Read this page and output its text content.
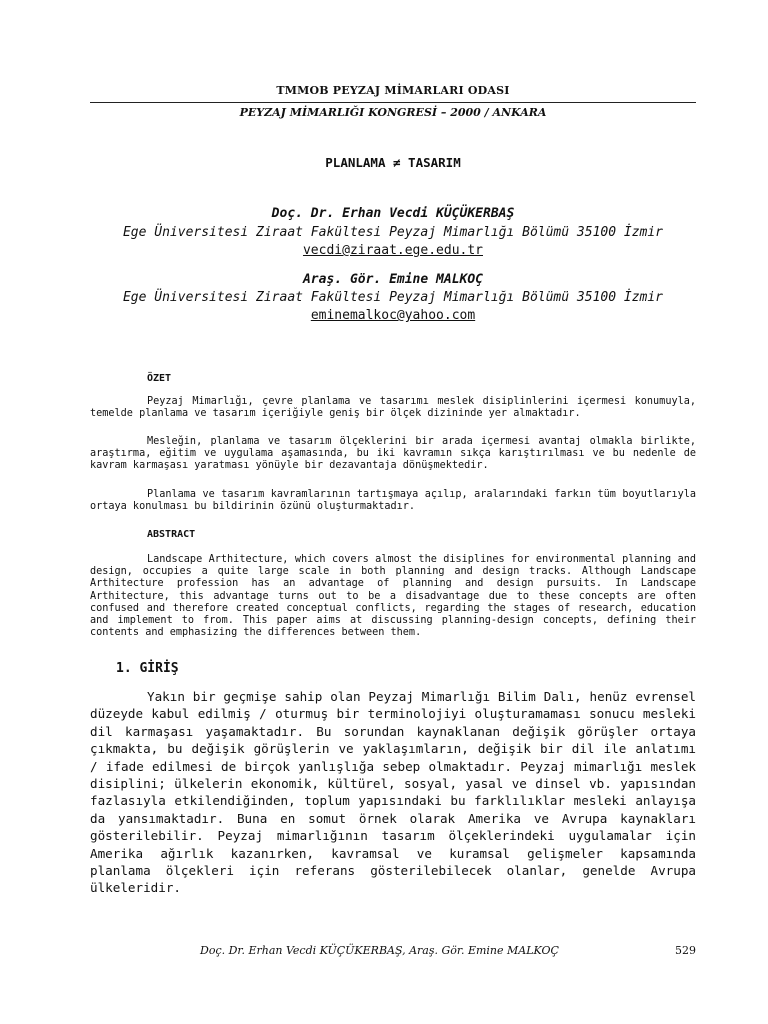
TMMOB PEYZAJ MİMARLARI ODASI
PEYZAJ MİMARLIĞI KONGRESİ – 2000 / ANKARA
PLANLAMA ≠ TASARIM
Doç. Dr. Erhan Vecdi KÜÇÜKERBAŞ
Ege Üniversitesi Ziraat Fakültesi Peyzaj Mimarlığı Bölümü 35100 İzmir
vecdi@ziraat.ege.edu.tr
Araş. Gör. Emine MALKOÇ
Ege Üniversitesi Ziraat Fakültesi Peyzaj Mimarlığı Bölümü 35100 İzmir
eminemalkoc@yahoo.com
ÖZET

Peyzaj Mimarlığı, çevre planlama ve tasarımı meslek disiplinlerini içermesi konumuyla, temelde planlama ve tasarım içeriğiyle geniş bir ölçek dizininde yer almaktadır.

Mesleğin, planlama ve tasarım ölçeklerini bir arada içermesi avantaj olmakla birlikte, araştırma, eğitim ve uygulama aşamasında, bu iki kavramın sıkça karıştırılması ve bu nedenle de kavram karmaşası yaratması yönüyle bir dezavantaja dönüşmektedir.

Planlama ve tasarım kavramlarının tartışmaya açılıp, aralarındaki farkın tüm boyutlarıyla ortaya konulması bu bildirinin özünü oluşturmaktadır.

ABSTRACT

Landscape Arthitecture, which covers almost the disiplines for environmental planning and design, occupies a quite large scale in both planning and design tracks. Although Landscape Arthitecture profession has an advantage of planning and design pursuits. In Landscape Arthitecture, this advantage turns out to be a disadvantage due to these concepts are often confused and therefore created conceptual conflicts, regarding the stages of research, education and implement to from. This paper aims at discussing planning-design concepts, defining their contents and emphasizing the differences between them.

1. GİRİŞ

Yakın bir geçmişe sahip olan Peyzaj Mimarlığı Bilim Dalı, henüz evrensel düzeyde kabul edilmiş / oturmuş bir terminolojiyi oluşturamaması sonucu mesleki dil karmaşası yaşamaktadır. Bu sorundan kaynaklanan değişik görüşler ortaya çıkmakta, bu değişik görüşlerin ve yaklaşımların, değişik bir dil ile anlatımı / ifade edilmesi de birçok yanlışlığa sebep olmaktadır. Peyzaj mimarlığı meslek disiplini; ülkelerin ekonomik, kültürel, sosyal, yasal ve dinsel vb. yapısından fazlasıyla etkilendiğinden, toplum yapısındaki bu farklılıklar mesleki anlayışa da yansımaktadır. Buna en somut örnek olarak Amerika ve Avrupa kaynakları gösterilebilir. Peyzaj mimarlığının tasarım ölçeklerindeki uygulamalar için Amerika ağırlık kazanırken, kavramsal ve kuramsal gelişmeler kapsamında planlama ölçekleri için referans gösterilebilecek olanlar, genelde Avrupa ülkeleridir.

Doç. Dr. Erhan Vecdi KÜÇÜKERBAŞ, Araş. Gör. Emine MALKOÇ	529
